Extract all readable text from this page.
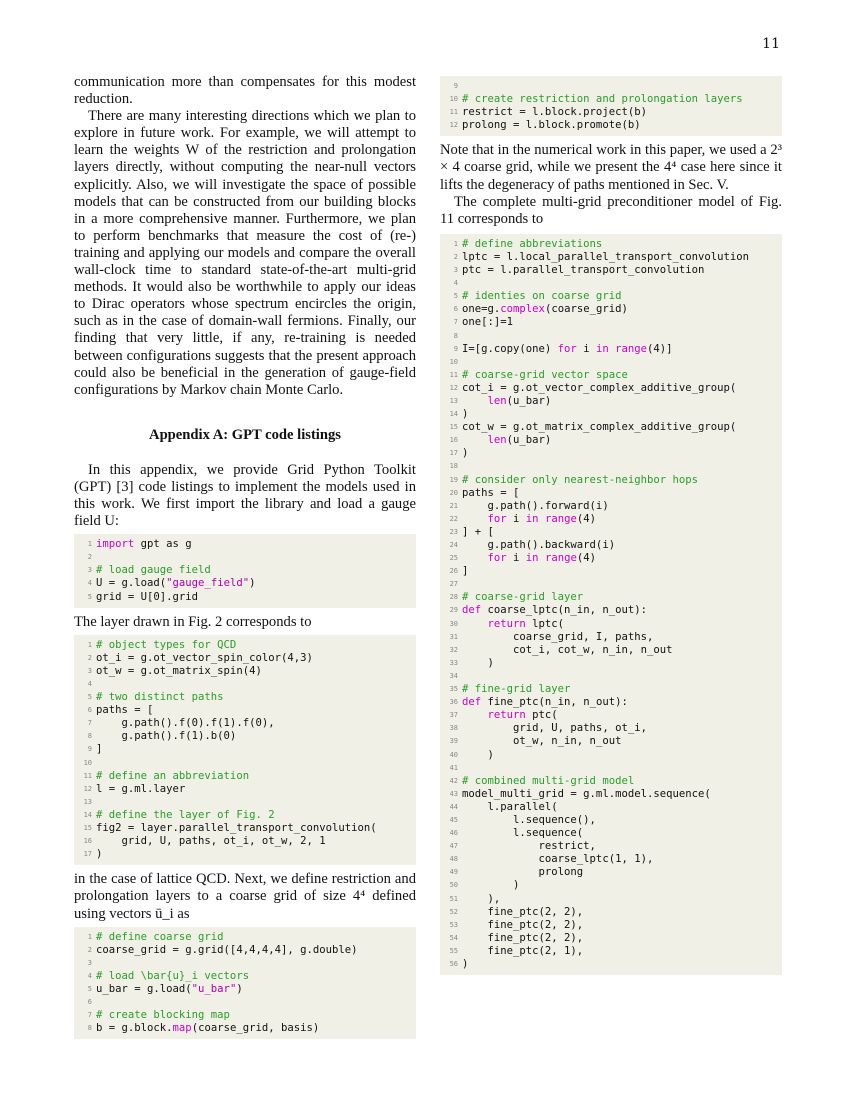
11

communication more than compensates for this modest reduction.

There are many interesting directions which we plan to explore in future work. For example, we will attempt to learn the weights W of the restriction and prolongation layers directly, without computing the near-null vectors explicitly. Also, we will investigate the space of possible models that can be constructed from our building blocks in a more comprehensive manner. Furthermore, we plan to perform benchmarks that measure the cost of (re-) training and applying our models and compare the overall wall-clock time to standard state-of-the-art multi-grid methods. It would also be worthwhile to apply our ideas to Dirac operators whose spectrum encircles the origin, such as in the case of domain-wall fermions. Finally, our finding that very little, if any, re-training is needed between configurations suggests that the present approach could also be beneficial in the generation of gauge-field configurations by Markov chain Monte Carlo.

Appendix A: GPT code listings

In this appendix, we provide Grid Python Toolkit (GPT) [3] code listings to implement the models used in this work. We first import the library and load a gauge field U:

1 import gpt as g
2
3 # load gauge field
4 U = g.load("gauge_field")
5 grid = U[0].grid

The layer drawn in Fig. 2 corresponds to

1 # object types for QCD
2 ot_i = g.ot_vector_spin_color(4,3)
3 ot_w = g.ot_matrix_spin(4)
4
5 # two distinct paths
6 paths = [
7 g.path().f(0).f(1).f(0),
8 g.path().f(1).b(0)
9 ]
10
11 # define an abbreviation
12 l = g.ml.layer
13
14 # define the layer of Fig. 2
15 fig2 = layer.parallel_transport_convolution(
16 grid, U, paths, ot_i, ot_w, 2, 1
17 )

in the case of lattice QCD. Next, we define restriction and prolongation layers to a coarse grid of size 4⁴ defined using vectors ū_i as

1 # define coarse grid
2 coarse_grid = g.grid([4,4,4,4], g.double)
3
4 # load \bar{u}_i vectors
5 u_bar = g.load("u_bar")
6
7 # create blocking map
8 b = g.block.map(coarse_grid, basis)
9
10 # create restriction and prolongation layers
11 restrict = l.block.project(b)
12 prolong = l.block.promote(b)

Note that in the numerical work in this paper, we used a 2³ × 4 coarse grid, while we present the 4⁴ case here since it lifts the degeneracy of paths mentioned in Sec. V.

The complete multi-grid preconditioner model of Fig. 11 corresponds to

1 # define abbreviations
2 lptc = l.local_parallel_transport_convolution
3 ptc = l.parallel_transport_convolution
4
5 # identies on coarse grid
6 one=g.complex(coarse_grid)
7 one[:]=1
8
9 I=[g.copy(one) for i in range(4)]
10
11 # coarse-grid vector space
12 cot_i = g.ot_vector_complex_additive_group(
13	len(u_bar)
14 )
15 cot_w = g.ot_matrix_complex_additive_group(
16	len(u_bar)
17 )
18
19 # consider only nearest-neighbor hops
20 paths = [
21 g.path().forward(i)
22	for i in range(4)
23 ] + [
24 g.path().backward(i)
25	for i in range(4)
26 ]
27
28 # coarse-grid layer
29 def coarse_lptc(n_in, n_out):
30	return lptc(
31 coarse_grid, I, paths,
32 cot_i, cot_w, n_in, n_out
33 )
34
35 # fine-grid layer
36 def fine_ptc(n_in, n_out):
37	return ptc(
38 grid, U, paths, ot_i,
39 ot_w, n_in, n_out
40 )
41
42 # combined multi-grid model
43 model_multi_grid = g.ml.model.sequence(
44 l.parallel(
45 l.sequence(),
46 l.sequence(
47 restrict,
48 coarse_lptc(1, 1),
49 prolong
50 )
51 ),
52 fine_ptc(2, 2),
53 fine_ptc(2, 2),
54 fine_ptc(2, 2),
55 fine_ptc(2, 1),
56 )
